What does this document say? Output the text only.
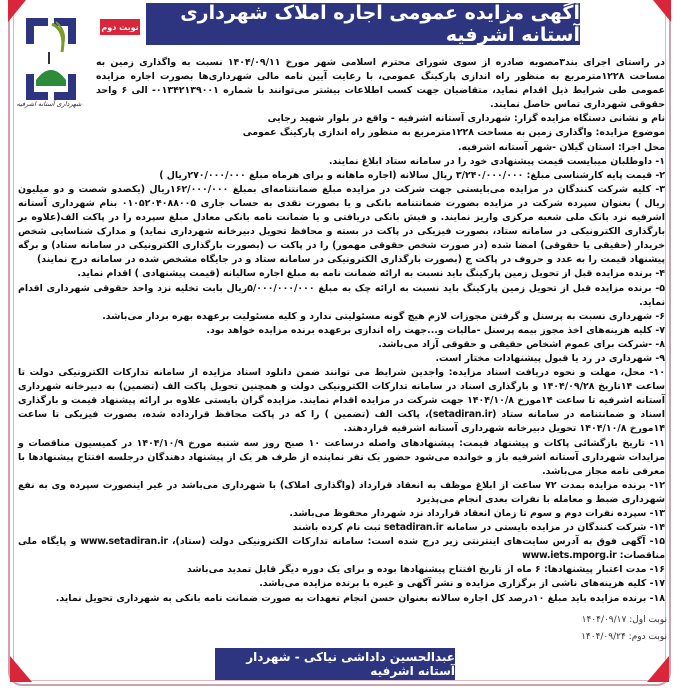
شهرداری آستانه اشرفیه
نوبت دوم
آگهی مزایده عمومی اجاره املاک شهرداری آستانه اشرفیه

در راستای اجرای بند۳مصوبه صادره از سوی شورای محترم اسلامی شهر مورخ ۱۴۰۴/۰۹/۱۱ نسبت به واگذاری زمین به مساحت ۱۲۲۸مترمربع به منظور راه اندازی پارکینگ عمومی، با رعایت آیین نامه مالی شهرداری‌ها بصورت اجاره مزایده عمومی طی شرایط ذیل اقدام نماید، متقاضیان جهت کسب اطلاعات بیشتر می‌توانند با شماره ۰۱۳۴۲۱۳۹۰۰۱- الی ۶ واحد حقوقی شهرداری تماس حاصل نمایند.

نام و نشانی دستگاه مزایده گزار: شهرداری آستانه اشرفیه - واقع در بلوار شهید رجایی

موضوع مزایده: واگذاری زمین به مساحت ۱۲۲۸مترمربع به منظور راه اندازی پارکینگ عمومی

محل اجرا: استان گیلان -شهر آستانه اشرفیه.

۱- داوطلبان میبایست قیمت پیشنهادی خود را در سامانه ستاد ابلاغ نمایند.

۲- قیمت پایه کارشناسی مبلغ: ۳/۲۴۰/۰۰۰/۰۰۰ ریال سالانه (اجاره ماهانه و برای هرماه مبلغ ۲۷۰/۰۰۰/۰۰۰ریال )

۳- کلیه شرکت کنندگان در مزایده می‌بایستی جهت شرکت در مزایده مبلغ ضمانتنامه‌ای بمبلغ ۱۶۲/۰۰۰/۰۰۰ریال (یکصدو شصت و دو میلیون ریال ) بعنوان سپرده شرکت در مزایده بصورت ضمانتنامه بانکی و یا بصورت نقدی به حساب جاری ۰۱۰۵۲۰۴۰۸۸۰۰۵ بنام شهرداری آستانه اشرفیه نزد بانک ملی شعبه مرکزی واریز نمایند. و فیش بانکی دریافتی و یا ضمانت نامه بانکی معادل مبلغ سپرده را در پاکت الف(علاوه بر بارگذاری الکترونیکی در سامانه ستاد، بصورت فیزیکی در پاکت در بسته و محافظ تحویل دبیرخانه شهرداری نماید) و مدارک شناسایی شخص خریدار (حقیقی یا حقوقی) امضا شده (در صورت شخص حقوقی مهمور) را در پاکت ب (بصورت بارگذاری الکترونیکی در سامانه ستاد) و برگه پیشنهاد قیمت را به عدد و حروف در پاکت ج (بصورت بارگذاری الکترونیکی در سامانه ستاد و در جایگاه مشخص شده در سامانه درج نمایند)

۴- برنده مزایده قبل از تحویل زمین پارکینگ باید نسبت به ارائه ضمانت نامه به مبلغ اجاره سالیانه (قیمت پیشنهادی ) اقدام نماید.

۵- برنده مزایده قبل از تحویل زمین پارکینگ باید نسبت به ارائه چک به مبلغ ۵/۰۰۰/۰۰۰/۰۰۰ریال بابت تخلیه نزد واحد حقوقی شهرداری اقدام نماید.

۶- شهرداری نسبت به پرسنل و گرفتن مجوزات لازم هیچ گونه مسئولیتی ندارد و کلیه مسئولیت برعهده بهره بردار می‌باشد.

۷- کلیه هزینه‌های اخذ مجوز بیمه پرسنل -مالیات و...جهت راه اندازی برعهده برنده مزایده خواهد بود.

۸- -شرکت برای عموم اشخاص حقیقی و حقوقی آزاد می‌باشد.

۹- شهرداری در رد یا قبول پیشنهادات مختار است.

۱۰- محل، مهلت و نحوه دریافت اسناد مزایده: واجدین شرایط می توانند ضمن دانلود اسناد مزایده از سامانه تدارکات الکترونیکی دولت تا ساعت ۱۴تاریخ ۱۴۰۴/۰۹/۲۸ و بارگذاری اسناد در سامانه تدارکات الکترونیکی دولت و همچنین تحویل پاکت الف (تضمین) به دبیرخانه شهرداری آستانه اشرفیه تا ساعت ۱۴مورخ ۱۴۰۴/۱۰/۸ جهت شرکت در مزایده اقدام نمایند. مزایده گران بایستی علاوه بر ارائه پیشنهاد قیمت و بارگذاری اسناد و ضمانتنامه در سامانه ستاد (setadiran.ir)، پاکت الف (تضمین ) را که در پاکت محافظ قرارداده شده، بصورت فیزیکی تا ساعت ۱۴مورخ ۱۴۰۴/۱۰/۸ تحویل دبیرخانه شهرداری آستانه اشرفیه قراردهند.

۱۱- تاریخ بازگشائی پاکات و پیشنهاد قیمت: پیشنهادهای واصله درساعت ۱۰ صبح روز سه شنبه مورخ ۱۴۰۴/۱۰/۹ در کمیسیون مناقصات و مزایدات شهرداری آستانه اشرفیه باز و خوانده می‌شود حضور یک نفر نماینده از طرف هر یک از پیشنهاد دهندگان درجلسه افتتاح پیشنهادها با معرفی نامه مجاز می‌باشد.

۱۲- برنده مزایده بمدت ۷۲ ساعت از ابلاغ موظف به انعقاد قرارداد (واگذاری املاک) با شهرداری می‌باشد در غیر اینصورت سپرده وی به نفع شهرداری ضبط و معامله با نفرات بعدی انجام می‌پذیرد

۱۳- سپرده نفرات دوم و سوم تا زمان انعقاد قرارداد نزد شهردار محفوظ می‌باشد.

۱۴- شرکت کنندگان در مزایده بایستی در سامانه setadiran.ir ثبت نام کرده باشند

۱۵- آگهی فوق به آدرس سایت‌های اینترنتی زیر درج شده است: سامانه تدارکات الکترونیکی دولت (ستاد)، www.setadiran.ir و پایگاه ملی مناقصات: www.iets.mporg.ir

۱۶- مدت اعتبار پیشنهادها: ۶ ماه از تاریخ افتتاح پیشنهادها بوده و برای یک دوره دیگر قابل تمدید می‌باشد

۱۷- کلیه هزینه‌های ناشی از برگزاری مزایده و نشر آگهی و غیره با برنده مزایده می‌باشد.

۱۸- برنده مزایده باید مبلغ ۱۰درصد کل اجاره سالانه بعنوان حسن انجام تعهدات به صورت ضمانت نامه بانکی به شهرداری تحویل نماید.

نوبت اول: ۱۴۰۴/۰۹/۱۷
نوبت دوم: ۱۴۰۴/۰۹/۲۴
عبدالحسین داداشی نیاکی - شهردار آستانه اشرفیه
